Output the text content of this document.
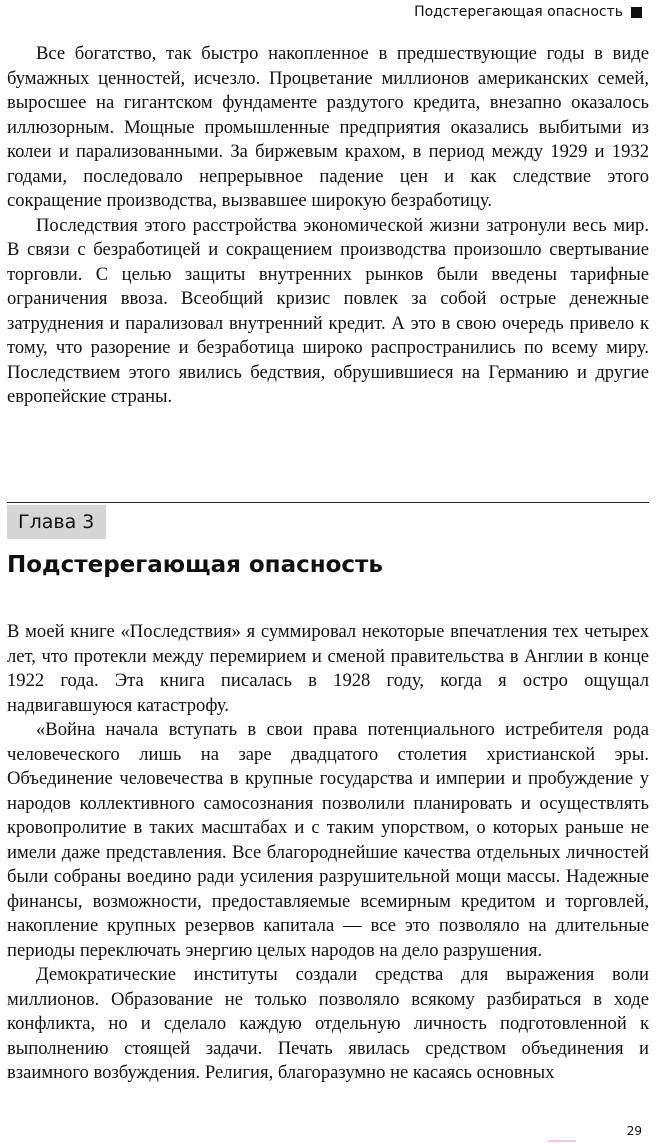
Подстерегающая опасность

Все богатство, так быстро накопленное в предшествующие годы в виде бумажных ценностей, исчезло. Процветание миллионов американских семей, выросшее на гигантском фундаменте раздутого кредита, внезапно оказалось иллюзорным. Мощные промышленные предприятия оказались выбитыми из колеи и парализованными. За биржевым крахом, в период между 1929 и 1932 годами, последовало непрерывное падение цен и как следствие этого сокращение производства, вызвавшее широкую безработицу.

Последствия этого расстройства экономической жизни затронули весь мир. В связи с безработицей и сокращением производства произошло свертывание торговли. С целью защиты внутренних рынков были введены тарифные ограничения ввоза. Всеобщий кризис повлек за собой острые денежные затруднения и парализовал внутренний кредит. А это в свою очередь привело к тому, что разорение и безработица широко распространились по всему миру. Последствием этого явились бедствия, обрушившиеся на Германию и другие европейские страны.

Глава 3
Подстерегающая опасность

В моей книге «Последствия» я суммировал некоторые впечатления тех четырех лет, что протекли между перемирием и сменой правительства в Англии в конце 1922 года. Эта книга писалась в 1928 году, когда я остро ощущал надвигавшуюся катастрофу.

«Война начала вступать в свои права потенциального истребителя рода человеческого лишь на заре двадцатого столетия христианской эры. Объединение человечества в крупные государства и империи и пробуждение у народов коллективного самосознания позволили планировать и осуществлять кровопролитие в таких масштабах и с таким упорством, о которых раньше не имели даже представления. Все благороднейшие качества отдельных личностей были собраны воедино ради усиления разрушительной мощи массы. Надежные финансы, возможности, предоставляемые всемирным кредитом и торговлей, накопление крупных резервов капитала — все это позволяло на длительные периоды переключать энергию целых народов на дело разрушения.

Демократические институты создали средства для выражения воли миллионов. Образование не только позволяло всякому разбираться в ходе конфликта, но и сделало каждую отдельную личность подготовленной к выполнению стоящей задачи. Печать явилась средством объединения и взаимного возбуждения. Религия, благоразумно не касаясь основных

29
